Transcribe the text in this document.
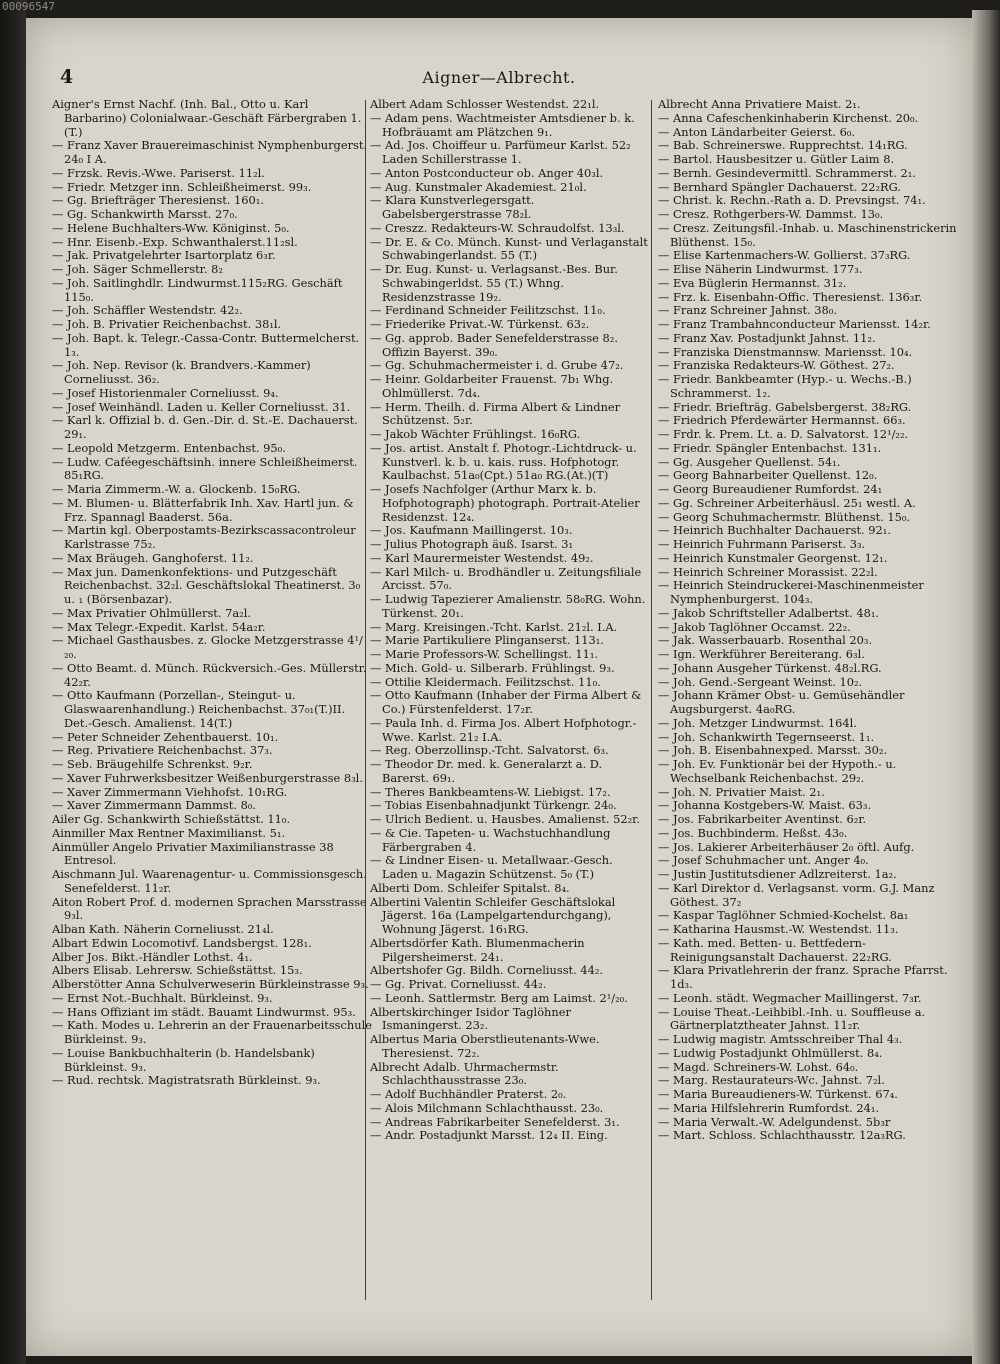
00096547
4	Aigner—Albrecht.
Aigner's Ernst Nachf. (Inh. Bal., Otto u. Karl Barbarino) Colonialwaar.-Geschäft Färbergraben 1. (T.)
— Franz Xaver Brauereimaschinist Nymphenburgerst. 24₀ I A.
— Frzsk. Revis.-Wwe. Pariserst. 11₂l.
— Friedr. Metzger inn. Schleißheimerst. 99₃.
— Gg. Briefträger Theresienst. 160₁.
— Gg. Schankwirth Marsst. 27₀.
— Helene Buchhalters-Ww. Königinst. 5₀.
— Hnr. Eisenb.-Exp. Schwanthalerst.11₂sl.
— Jak. Privatgelehrter Isartorplatz 6₃r.
— Joh. Säger Schmellerstr. 8₂
— Joh. Saitlinghdlr. Lindwurmst.115₂RG. Geschäft 115₀.
— Joh. Schäffler Westendstr. 42₂.
— Joh. B. Privatier Reichenbachst. 38₁l.
— Joh. Bapt. k. Telegr.-Cassa-Contr. Buttermelcherst. 1₃.
— Joh. Nep. Revisor (k. Brandvers.-Kammer) Corneliusst. 36₂.
— Josef Historienmaler Corneliusst. 9₄.
— Josef Weinhändl. Laden u. Keller Corneliusst. 31.
— Karl k. Offizial b. d. Gen.-Dir. d. St.-E. Dachauerst. 29₁.
— Leopold Metzgerm. Entenbachst. 95₀.
— Ludw. Caféegeschäftsinh. innere Schleißheimerst. 85₁RG.
— Maria Zimmerm.-W. a. Glockenb. 15₀RG.
— M. Blumen- u. Blätterfabrik Inh. Xav. Hartl jun. & Frz. Spannagl Baaderst. 56a.
— Martin kgl. Oberpostamts-Bezirkscassacontroleur Karlstrasse 75₂.
— Max Bräugeh. Ganghoferst. 11₂.
— Max jun. Damenkonfektions- und Putzgeschäft Reichenbachst. 32₂l. Geschäftslokal Theatinerst. 3₀ u. ₁ (Börsenbazar).
— Max Privatier Ohlmüllerst. 7a₂l.
— Max Telegr.-Expedit. Karlst. 54a₂r.
— Michael Gasthausbes. z. Glocke Metzgerstrasse 4¹/₂₀.
— Otto Beamt. d. Münch. Rückversich.-Ges. Müllerstr. 42₂r.
— Otto Kaufmann (Porzellan-, Steingut- u. Glaswaarenhandlung.) Reichenbachst. 37₀₁(T.)II. Det.-Gesch. Amalienst. 14(T.)
— Peter Schneider Zehentbauerst. 10₁.
— Reg. Privatiere Reichenbachst. 37₃.
— Seb. Bräugehilfe Schrenkst. 9₂r.
— Xaver Fuhrwerksbesitzer Weißenburgerstrasse 8₃l.
— Xaver Zimmermann Viehhofst. 10₁RG.
— Xaver Zimmermann Dammst. 8₀.
Ailer Gg. Schankwirth Schießstättst. 11₀.
Ainmiller Max Rentner Maximilianst. 5₁.
Ainmüller Angelo Privatier Maximilianstrasse 38 Entresol.
Aischmann Jul. Waarenagentur- u. Commissionsgesch. Senefelderst. 11₂r.
Aiton Robert Prof. d. modernen Sprachen Marsstrasse 9₃l.
Alban Kath. Näherin Corneliusst. 21₄l.
Albart Edwin Locomotivf. Landsbergst. 128₁.
Alber Jos. Bikt.-Händler Lothst. 4₁.
Albers Elisab. Lehrersw. Schießstättst. 15₃.
Alberstötter Anna Schulverweserin Bürkleinstrasse 9₃.
— Ernst Not.-Buchhalt. Bürkleinst. 9₃.
— Hans Offiziant im städt. Bauamt Lindwurmst. 95₃.
— Kath. Modes u. Lehrerin an der Frauenarbeitsschule Bürkleinst. 9₃.
— Louise Bankbuchhalterin (b. Handelsbank) Bürkleinst. 9₃.
— Rud. rechtsk. Magistratsrath Bürkleinst. 9₃.
Albert Adam Schlosser Westendst. 22₁l.
— Adam pens. Wachtmeister Amtsdiener b. k. Hofbräuamt am Plätzchen 9₁.
— Ad. Jos. Choiffeur u. Parfümeur Karlst. 52₂ Laden Schillerstrasse 1.
— Anton Postconducteur ob. Anger 40₃l.
— Aug. Kunstmaler Akademiest. 21₀l.
— Klara Kunstverlegersgatt. Gabelsbergerstrasse 78₂l.
— Creszz. Redakteurs-W. Schraudolfst. 13₃l.
— Dr. E. & Co. Münch. Kunst- und Verlaganstalt Schwabingerlandst. 55 (T.)
— Dr. Eug. Kunst- u. Verlagsanst.-Bes. Bur. Schwabingerldst. 55 (T.) Whng. Residenzstrasse 19₂.
— Ferdinand Schneider Feilitzschst. 11₀.
— Friederike Privat.-W. Türkenst. 63₂.
— Gg. approb. Bader Senefelderstrasse 8₂. Offizin Bayerst. 39₀.
— Gg. Schuhmachermeister i. d. Grube 47₂.
— Heinr. Goldarbeiter Frauenst. 7b₁ Whg. Ohlmüllerst. 7d₄.
— Herm. Theilh. d. Firma Albert & Lindner Schützenst. 5₂r.
— Jakob Wächter Frühlingst. 16₀RG.
— Jos. artist. Anstalt f. Photogr.-Lichtdruck- u. Kunstverl. k. b. u. kais. russ. Hofphotogr. Kaulbachst. 51a₀(Cpt.) 51a₀ RG.(At.)(T)
— Josefs Nachfolger (Arthur Marx k. b. Hofphotograph) photograph. Portrait-Atelier Residenzst. 12₄.
— Jos. Kaufmann Maillingerst. 10₃.
— Julius Photograph äuß. Isarst. 3₁
— Karl Maurermeister Westendst. 49₂.
— Karl Milch- u. Brodhändler u. Zeitungsfiliale Arcisst. 57₀.
— Ludwig Tapezierer Amalienstr. 58₀RG. Wohn. Türkenst. 20₁.
— Marg. Kreisingen.-Tcht. Karlst. 21₂l. I.A.
— Marie Partikuliere Plinganserst. 113₁.
— Marie Professors-W. Schellingst. 11₁.
— Mich. Gold- u. Silberarb. Frühlingst. 9₃.
— Ottilie Kleidermach. Feilitzschst. 11₀.
— Otto Kaufmann (Inhaber der Firma Albert & Co.) Fürstenfelderst. 17₂r.
— Paula Inh. d. Firma Jos. Albert Hofphotogr.-Wwe. Karlst. 21₂ I.A.
— Reg. Oberzollinsp.-Tcht. Salvatorst. 6₃.
— Theodor Dr. med. k. Generalarzt a. D. Barerst. 69₁.
— Theres Bankbeamtens-W. Liebigst. 17₂.
— Tobias Eisenbahnadjunkt Türkengr. 24₀.
— Ulrich Bedient. u. Hausbes. Amalienst. 52₂r.
— & Cie. Tapeten- u. Wachstuchhandlung Färbergraben 4.
— & Lindner Eisen- u. Metallwaar.-Gesch. Laden u. Magazin Schützenst. 5₀ (T.)
Alberti Dom. Schleifer Spitalst. 8₄.
Albertini Valentin Schleifer Geschäftslokal Jägerst. 16a (Lampelgartendurchgang), Wohnung Jägerst. 16₁RG.
Albertsdörfer Kath. Blumenmacherin Pilgersheimerst. 24₁.
Albertshofer Gg. Bildh. Corneliusst. 44₂.
— Gg. Privat. Corneliusst. 44₂.
— Leonh. Sattlermstr. Berg am Laimst. 2¹/₂₀.
Albertskirchinger Isidor Taglöhner Ismaningerst. 23₂.
Albertus Maria Oberstlieutenants-Wwe. Theresienst. 72₂.
Albrecht Adalb. Uhrmachermstr. Schlachthausstrasse 23₀.
— Adolf Buchhändler Praterst. 2₀.
— Alois Milchmann Schlachthausst. 23₀.
— Andreas Fabrikarbeiter Senefelderst. 3₁.
— Andr. Postadjunkt Marsst. 12₄ II. Eing.
Albrecht Anna Privatiere Maist. 2₁.
— Anna Cafeschenkinhaberin Kirchenst. 20₀.
— Anton Ländarbeiter Geierst. 6₀.
— Bab. Schreinerswe. Rupprechtst. 14₁RG.
— Bartol. Hausbesitzer u. Gütler Laim 8.
— Bernh. Gesindevermittl. Schrammerst. 2₁.
— Bernhard Spängler Dachauerst. 22₂RG.
— Christ. k. Rechn.-Rath a. D. Prevsingst. 74₁.
— Cresz. Rothgerbers-W. Dammst. 13₀.
— Cresz. Zeitungsfil.-Inhab. u. Maschinenstrickerin Blüthenst. 15₀.
— Elise Kartenmachers-W. Gollierst. 37₃RG.
— Elise Näherin Lindwurmst. 177₃.
— Eva Büglerin Hermannst. 31₂.
— Frz. k. Eisenbahn-Offic. Theresienst. 136₃r.
— Franz Schreiner Jahnst. 38₀.
— Franz Trambahnconducteur Mariensst. 14₂r.
— Franz Xav. Postadjunkt Jahnst. 11₂.
— Franziska Dienstmannsw. Mariensst. 10₄.
— Franziska Redakteurs-W. Göthest. 27₂.
— Friedr. Bankbeamter (Hyp.- u. Wechs.-B.) Schrammerst. 1₂.
— Friedr. Briefträg. Gabelsbergerst. 38₂RG.
— Friedrich Pferdewärter Hermannst. 66₃.
— Frdr. k. Prem. Lt. a. D. Salvatorst. 12¹/₂₂.
— Friedr. Spängler Entenbachst. 131₁.
— Gg. Ausgeher Quellenst. 54₁.
— Georg Bahnarbeiter Quellenst. 12₀.
— Georg Bureaudiener Rumfordst. 24₁
— Gg. Schreiner Arbeiterhäusl. 25₁ westl. A.
— Georg Schuhmachermstr. Blüthenst. 15₀.
— Heinrich Buchhalter Dachauerst. 92₁.
— Heinrich Fuhrmann Pariserst. 3₃.
— Heinrich Kunstmaler Georgenst. 12₁.
— Heinrich Schreiner Morassist. 22₂l.
— Heinrich Steindruckerei-Maschinenmeister Nymphenburgerst. 104₃.
— Jakob Schriftsteller Adalbertst. 48₁.
— Jakob Taglöhner Occamst. 22₂.
— Jak. Wasserbauarb. Rosenthal 20₃.
— Ign. Werkführer Bereiterang. 6₃l.
— Johann Ausgeher Türkenst. 48₂l.RG.
— Joh. Gend.-Sergeant Weinst. 10₂.
— Johann Krämer Obst- u. Gemüsehändler Augsburgerst. 4a₀RG.
— Joh. Metzger Lindwurmst. 164l.
— Joh. Schankwirth Tegernseerst. 1₁.
— Joh. B. Eisenbahnexped. Marsst. 30₂.
— Joh. Ev. Funktionär bei der Hypoth.- u. Wechselbank Reichenbachst. 29₂.
— Joh. N. Privatier Maist. 2₁.
— Johanna Kostgebers-W. Maist. 63₃.
— Jos. Fabrikarbeiter Aventinst. 6₂r.
— Jos. Buchbinderm. Heßst. 43₀.
— Jos. Lakierer Arbeiterhäuser 2₀ öftl. Aufg.
— Josef Schuhmacher unt. Anger 4₀.
— Justin Justitutsdiener Adlzreiterst. 1a₂.
— Karl Direktor d. Verlagsanst. vorm. G.J. Manz Göthest. 37₂
— Kaspar Taglöhner Schmied-Kochelst. 8a₁
— Katharina Hausmst.-W. Westendst. 11₃.
— Kath. med. Betten- u. Bettfedern-Reinigungsanstalt Dachauerst. 22₂RG.
— Klara Privatlehrerin der franz. Sprache Pfarrst. 1d₃.
— Leonh. städt. Wegmacher Maillingerst. 7₃r.
— Louise Theat.-Leihbibl.-Inh. u. Souffleuse a. Gärtnerplatztheater Jahnst. 11₂r.
— Ludwig magistr. Amtsschreiber Thal 4₃.
— Ludwig Postadjunkt Ohlmüllerst. 8₄.
— Magd. Schreiners-W. Lohst. 64₀.
— Marg. Restaurateurs-Wc. Jahnst. 7₂l.
— Maria Bureaudieners-W. Türkenst. 67₄.
— Maria Hilfslehrerin Rumfordst. 24₁.
— Maria Verwalt.-W. Adelgundenst. 5b₃r
— Mart. Schloss. Schlachthausstr. 12a₃RG.
